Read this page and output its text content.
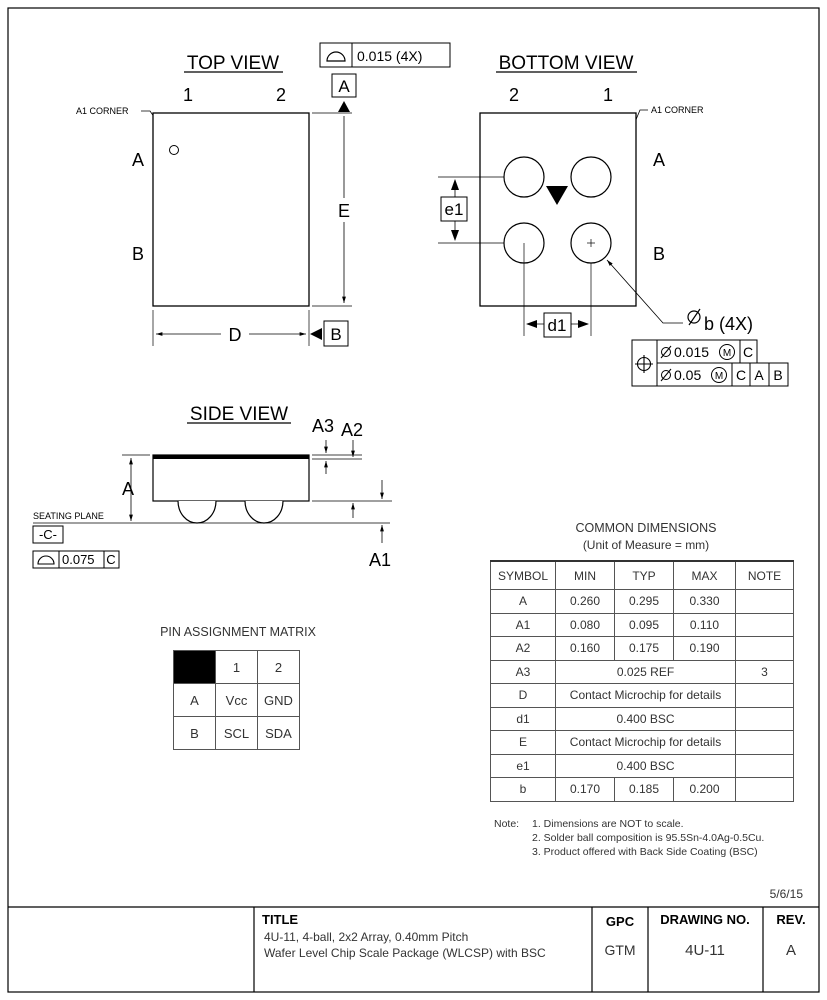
TOP VIEW
1	2
A
B
A1 CORNER
E
A
0.015 (4X)
D	B
BOTTOM VIEW
2	1
A
B
A1 CORNER
e1
d1	b (4X)
0.015 M C
0.05 M C A B
SIDE VIEW
A
SEATING PLANE
-C-
0.075 C
A3 A2
A1
COMMON DIMENSIONS
(Unit of Measure = mm)
PIN ASSIGNMENT MATRIX
5/6/15
TITLE
4U-11, 4-ball, 2x2 Array, 0.40mm Pitch
Wafer Level Chip Scale Package (WLCSP) with BSC
GPC
GTM
DRAWING NO.
4U-11
REV.
A
SYMBOL	MIN	TYP	MAX	NOTE
A	0.260	0.295	0.330	
A1	0.080	0.095	0.110	
A2	0.160	0.175	0.190	
A3	0.025 REF			3
D	Contact Microchip for details			
d1	0.400 BSC			
E	Contact Microchip for details			
e1	0.400 BSC			
b	0.170	0.185	0.200	
	1	2
A	Vcc	GND
B	SCL	SDA
Note: 1. Dimensions are NOT to scale.
2. Solder ball composition is 95.5Sn-4.0Ag-0.5Cu.
3. Product offered with Back Side Coating (BSC)
